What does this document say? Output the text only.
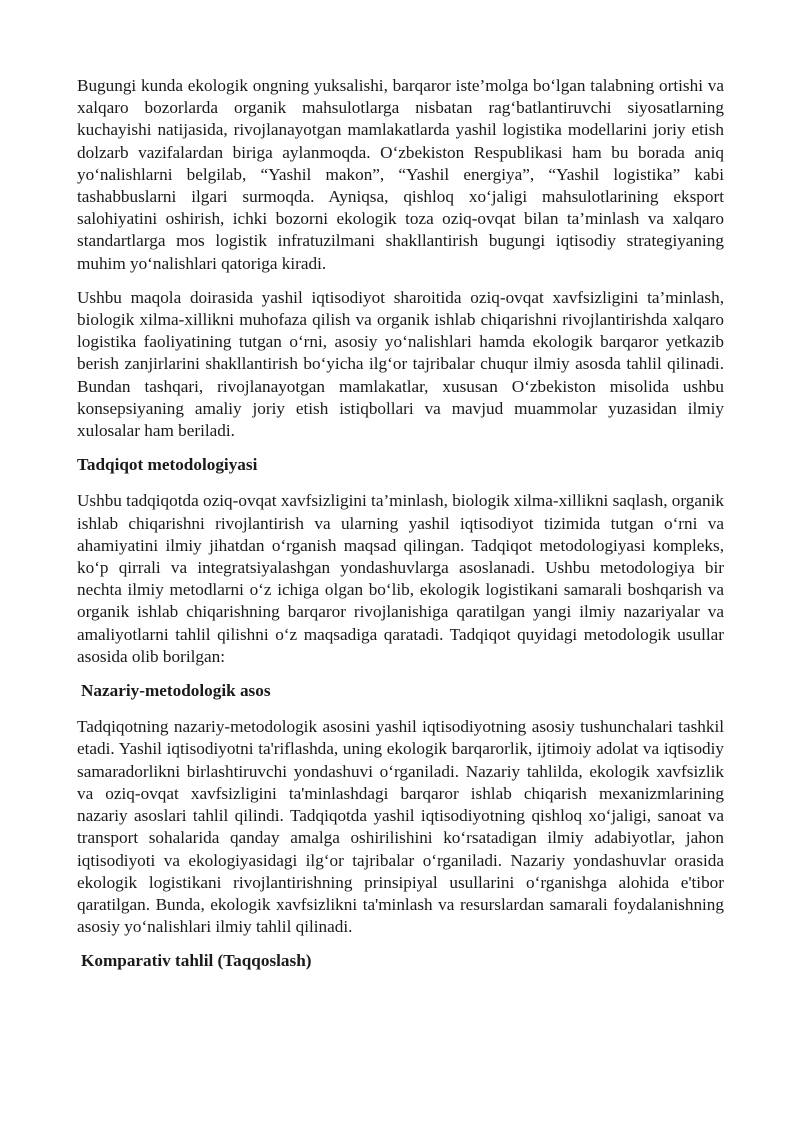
Bugungi kunda ekologik ongning yuksalishi, barqaror iste’molga bo‘lgan talabning ortishi va xalqaro bozorlarda organik mahsulotlarga nisbatan rag‘batlantiruvchi siyosatlarning kuchayishi natijasida, rivojlanayotgan mamlakatlarda yashil logistika modellarini joriy etish dolzarb vazifalardan biriga aylanmoqda. O‘zbekiston Respublikasi ham bu borada aniq yo‘nalishlarni belgilab, “Yashil makon”, “Yashil energiya”, “Yashil logistika” kabi tashabbuslarni ilgari surmoqda. Ayniqsa, qishloq xo‘jaligi mahsulotlarining eksport salohiyatini oshirish, ichki bozorni ekologik toza oziq-ovqat bilan ta’minlash va xalqaro standartlarga mos logistik infratuzilmani shakllantirish bugungi iqtisodiy strategiyaning muhim yo‘nalishlari qatoriga kiradi.

Ushbu maqola doirasida yashil iqtisodiyot sharoitida oziq-ovqat xavfsizligini ta’minlash, biologik xilma-xillikni muhofaza qilish va organik ishlab chiqarishni rivojlantirishda xalqaro logistika faoliyatining tutgan o‘rni, asosiy yo‘nalishlari hamda ekologik barqaror yetkazib berish zanjirlarini shakllantirish bo‘yicha ilg‘or tajribalar chuqur ilmiy asosda tahlil qilinadi. Bundan tashqari, rivojlanayotgan mamlakatlar, xususan O‘zbekiston misolida ushbu konsepsiyaning amaliy joriy etish istiqbollari va mavjud muammolar yuzasidan ilmiy xulosalar ham beriladi.

Tadqiqot metodologiyasi

Ushbu tadqiqotda oziq-ovqat xavfsizligini ta’minlash, biologik xilma-xillikni saqlash, organik ishlab chiqarishni rivojlantirish va ularning yashil iqtisodiyot tizimida tutgan o‘rni va ahamiyatini ilmiy jihatdan o‘rganish maqsad qilingan. Tadqiqot metodologiyasi kompleks, ko‘p qirrali va integratsiyalashgan yondashuvlarga asoslanadi. Ushbu metodologiya bir nechta ilmiy metodlarni o‘z ichiga olgan bo‘lib, ekologik logistikani samarali boshqarish va organik ishlab chiqarishning barqaror rivojlanishiga qaratilgan yangi ilmiy nazariyalar va amaliyotlarni tahlil qilishni o‘z maqsadiga qaratadi. Tadqiqot quyidagi metodologik usullar asosida olib borilgan:

Nazariy-metodologik asos

Tadqiqotning nazariy-metodologik asosini yashil iqtisodiyotning asosiy tushunchalari tashkil etadi. Yashil iqtisodiyotni ta'riflashda, uning ekologik barqarorlik, ijtimoiy adolat va iqtisodiy samaradorlikni birlashtiruvchi yondashuvi o‘rganiladi. Nazariy tahlilda, ekologik xavfsizlik va oziq-ovqat xavfsizligini ta'minlashdagi barqaror ishlab chiqarish mexanizmlarining nazariy asoslari tahlil qilindi. Tadqiqotda yashil iqtisodiyotning qishloq xo‘jaligi, sanoat va transport sohalarida qanday amalga oshirilishini ko‘rsatadigan ilmiy adabiyotlar, jahon iqtisodiyoti va ekologiyasidagi ilg‘or tajribalar o‘rganiladi. Nazariy yondashuvlar orasida ekologik logistikani rivojlantirishning prinsipiyal usullarini o‘rganishga alohida e'tibor qaratilgan. Bunda, ekologik xavfsizlikni ta'minlash va resurslardan samarali foydalanishning asosiy yo‘nalishlari ilmiy tahlil qilinadi.

Komparativ tahlil (Taqqoslash)
